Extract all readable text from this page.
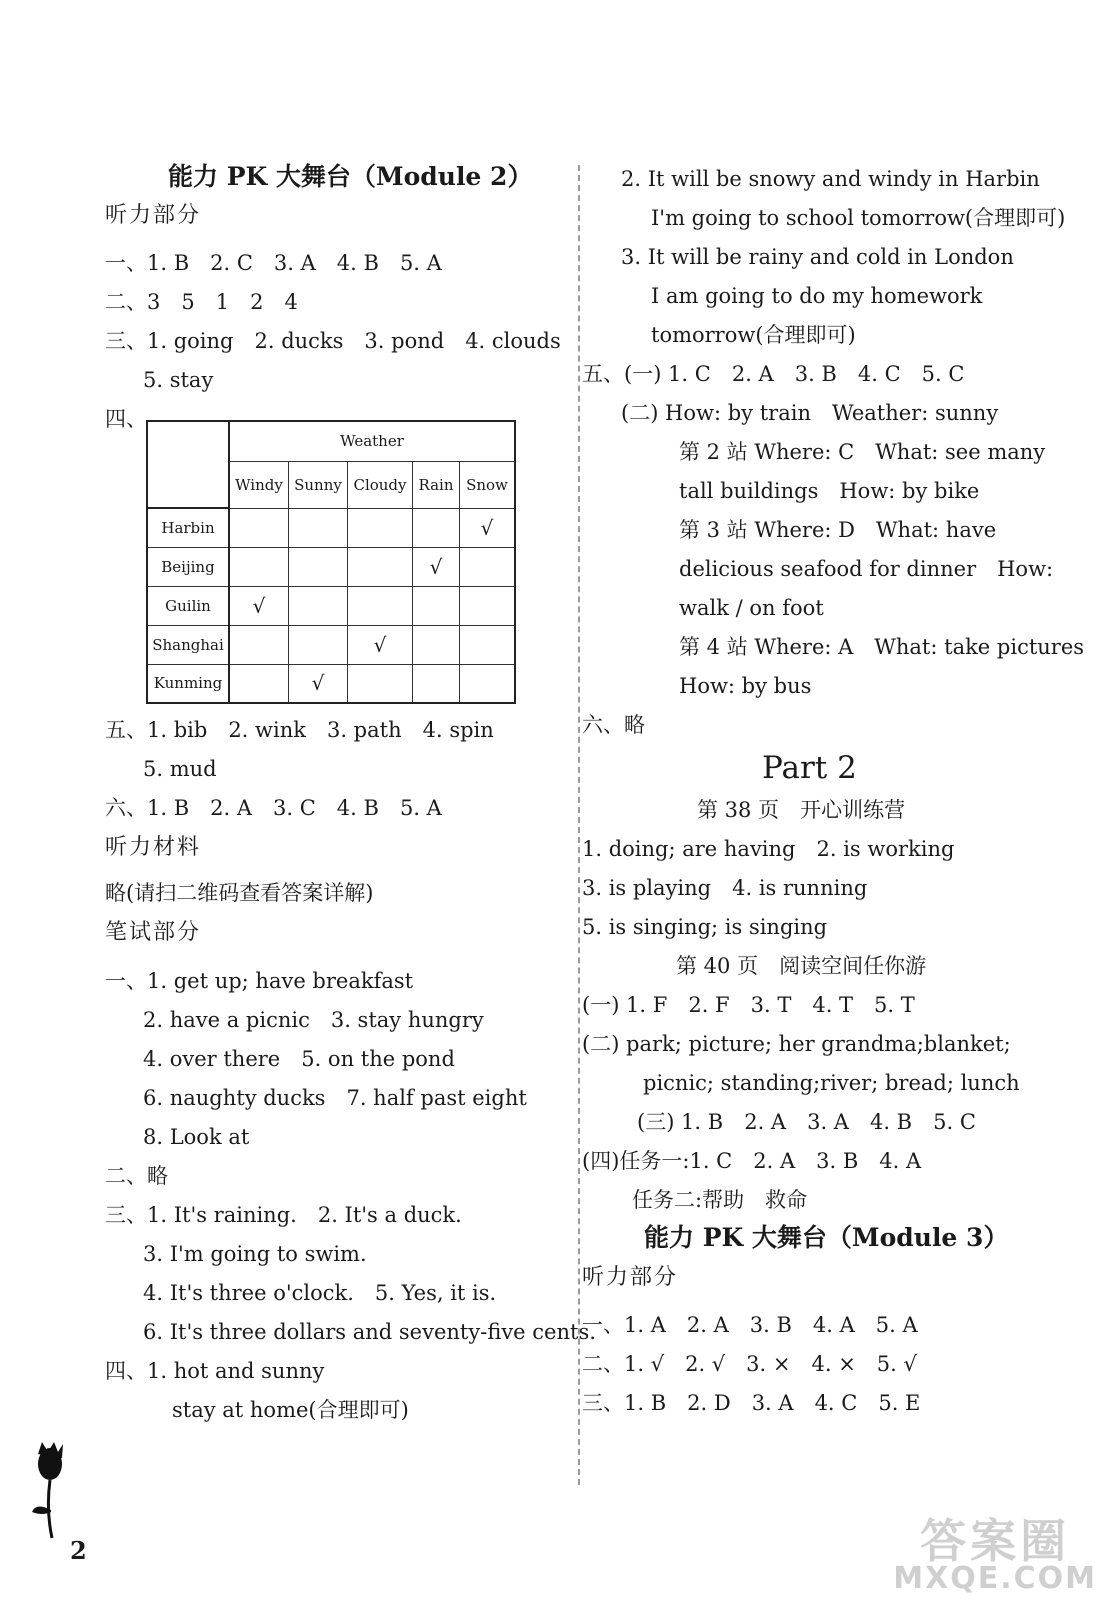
能力 PK 大舞台（Module 2）
听力部分
一、1. B　2. C　3. A　4. B　5. A
二、3　5　1　2　4
三、1. going　2. ducks　3. pond　4. clouds
5. stay
四、
	Weather				
	Windy	Sunny	Cloudy	Rain	Snow
Harbin					√
Beijing				√	
Guilin	√				
Shanghai			√		
Kunming		√			
五、1. bib　2. wink　3. path　4. spin
5. mud
六、1. B　2. A　3. C　4. B　5. A
听力材料
略(请扫二维码查看答案详解)
笔试部分
一、1. get up; have breakfast
2. have a picnic　3. stay hungry
4. over there　5. on the pond
6. naughty ducks　7. half past eight
8. Look at
二、略
三、1. It's raining.　2. It's a duck.
3. I'm going to swim.
4. It's three o'clock.　5. Yes, it is.
6. It's three dollars and seventy-five cents.
四、1. hot and sunny
stay at home(合理即可)
2. It will be snowy and windy in Harbin
I'm going to school tomorrow(合理即可)
3. It will be rainy and cold in London
I am going to do my homework
tomorrow(合理即可)
五、(一) 1. C　2. A　3. B　4. C　5. C
(二) How: by train　Weather: sunny
第 2 站 Where: C　What: see many
tall buildings　How: by bike
第 3 站 Where: D　What: have
delicious seafood for dinner　How:
walk / on foot
第 4 站 Where: A　What: take pictures
How: by bus
六、略
Part 2
第 38 页　开心训练营
1. doing; are having　2. is working
3. is playing　4. is running
5. is singing; is singing
第 40 页　阅读空间任你游
(一) 1. F　2. F　3. T　4. T　5. T
(二) park; picture; her grandma;blanket;
picnic; standing;river; bread; lunch
(三) 1. B　2. A　3. A　4. B　5. C
(四)任务一:1. C　2. A　3. B　4. A
任务二:帮助　救命
能力 PK 大舞台（Module 3）
听力部分
一、1. A　2. A　3. B　4. A　5. A
二、1. √　2. √　3. ×　4. ×　5. √
三、1. B　2. D　3. A　4. C　5. E
2	答案圈
MXQE.COM
